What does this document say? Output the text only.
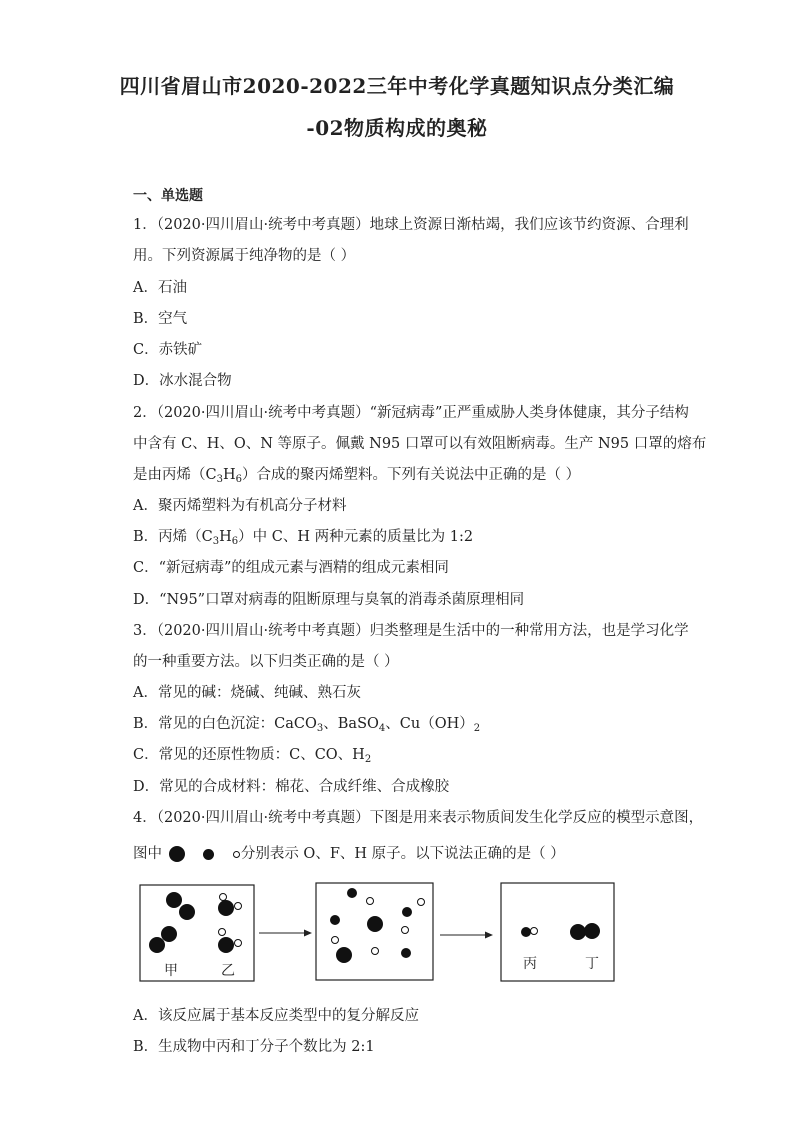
四川省眉山市2020-2022三年中考化学真题知识点分类汇编
-02物质构成的奥秘
一、单选题
1．（2020·四川眉山·统考中考真题）地球上资源日渐枯竭，我们应该节约资源、合理利
用。下列资源属于纯净物的是（ ）
A．石油
B．空气
C．赤铁矿
D．冰水混合物
2．（2020·四川眉山·统考中考真题）“新冠病毒”正严重威胁人类身体健康，其分子结构
中含有 C、H、O、N 等原子。佩戴 N95 口罩可以有效阻断病毒。生产 N95 口罩的熔布
是由丙烯$(C_3H_6)$合成的聚丙烯塑料。下列有关说法中正确的是（ ）
A．聚丙烯塑料为有机高分子材料
B．丙烯$(C_3H_6)$中 C、H 两种元素的质量比为 1:2
C．“新冠病毒”的组成元素与酒精的组成元素相同
D．“N95”口罩对病毒的阻断原理与臭氧的消毒杀菌原理相同
3．（2020·四川眉山·统考中考真题）归类整理是生活中的一种常用方法，也是学习化学
的一种重要方法。以下归类正确的是（ ）
A．常见的碱：烧碱、纯碱、熟石灰
B．常见的白色沉淀：CaCO$_3$、BaSO$_4$、$Cu(OH)_2$
C．常见的还原性物质：C、CO、$H_2$
D．常见的合成材料：棉花、合成纤维、合成橡胶
4．（2020·四川眉山·统考中考真题）下图是用来表示物质间发生化学反应的模型示意图，
图中	分别表示 O、F、H 原子。以下说法正确的是（ ）
甲	乙	丙	丁
A．该反应属于基本反应类型中的复分解反应
B．生成物中丙和丁分子个数比为 2:1
